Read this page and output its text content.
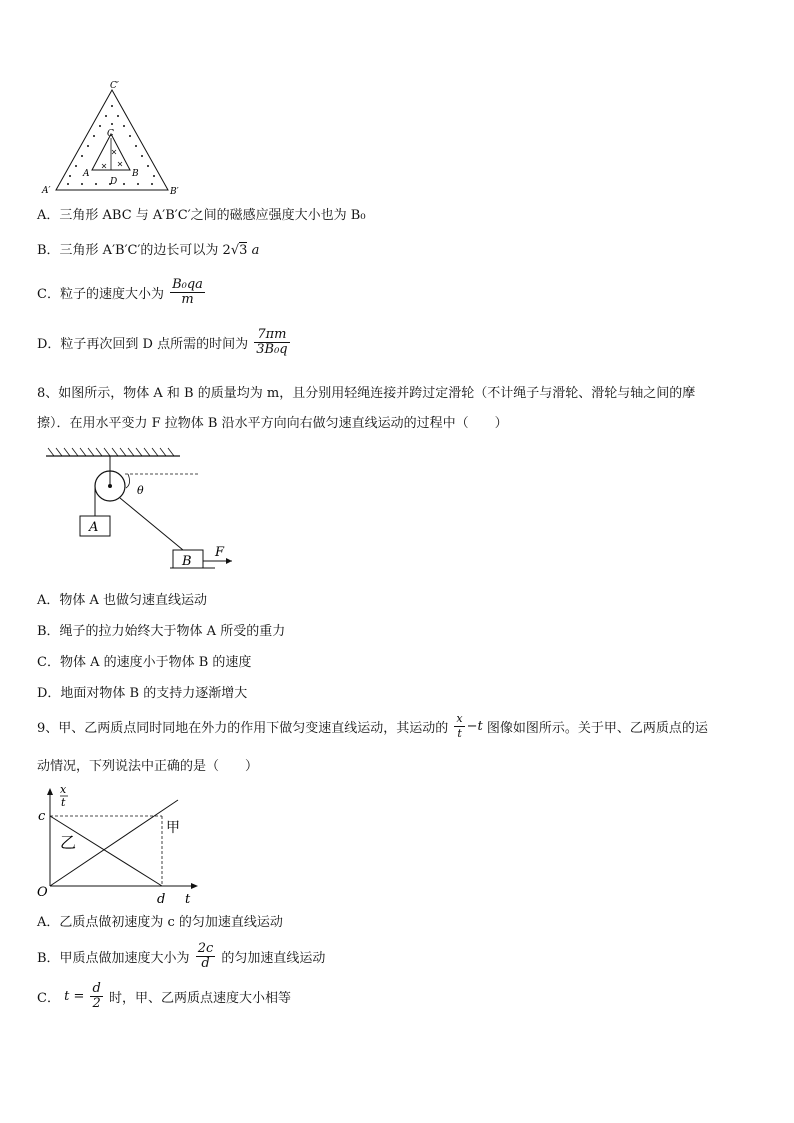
C′
A′	B′
C
A	B
D
A．三角形 ABC 与 A′B′C′之间的磁感应强度大小也为 B₀
B．三角形 A′B′C′的边长可以为 2√3 a
C．粒子的速度大小为 $\frac{\text{B₀qa}}{m}$
D．粒子再次回到 D 点所需的时间为 $\frac{7\pi m}{\text{3B₀q}}$
8、如图所示，物体 A 和 B 的质量均为 m，且分别用轻绳连接并跨过定滑轮（不计绳子与滑轮、滑轮与轴之间的摩
擦）．在用水平变力 F 拉物体 B 沿水平方向向右做匀速直线运动的过程中（　　）
θ
A
B
F
A．物体 A 也做匀速直线运动
B．绳子的拉力始终大于物体 A 所受的重力
C．物体 A 的速度小于物体 B 的速度
D．地面对物体 B 的支持力逐渐增大
9、甲、乙两质点同时同地在外力的作用下做匀变速直线运动，其运动的 $\frac{x}{t} -t$ 图像如图所示。关于甲、乙两质点的运
动情况，下列说法中正确的是（　　）
x
t
c
O	d t
甲
乙
A．乙质点做初速度为 c 的匀加速直线运动
B．甲质点做加速度大小为 $\frac{2c}{d}$ 的匀加速直线运动
C． $t = \frac{d}{2}$ 时，甲、乙两质点速度大小相等
